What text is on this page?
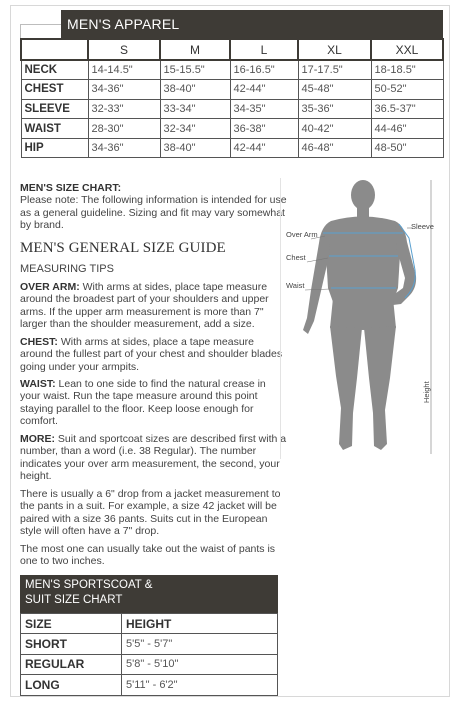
MEN'S APPAREL
	S	M	L	XL	XXL
NECK	14-14.5"	15-15.5"	16-16.5"	17-17.5"	18-18.5"
CHEST	34-36"	38-40"	42-44"	45-48"	50-52"
SLEEVE	32-33"	33-34"	34-35"	35-36"	36.5-37"
WAIST	28-30"	32-34"	36-38"	40-42"	44-46"
HIP	34-36"	38-40"	42-44"	46-48"	48-50"
MEN'S SIZE CHART:
Please note: The following information is intended for use as a general guideline. Sizing and fit may vary somewhat by brand.
MEN'S GENERAL SIZE GUIDE
MEASURING TIPS
OVER ARM: With arms at sides, place tape measure around the broadest part of your shoulders and upper arms. If the upper arm measurement is more than 7" larger than the shoulder measurement, add a size.
CHEST: With arms at sides, place a tape measure around the fullest part of your chest and shoulder blades going under your armpits.
WAIST: Lean to one side to find the natural crease in your waist. Run the tape measure around this point staying parallel to the floor. Keep loose enough for comfort.
MORE: Suit and sportcoat sizes are described first with a number, than a word (i.e. 38 Regular). The number indicates your over arm measurement, the second, your height.
There is usually a 6" drop from a jacket measurement to the pants in a suit. For example, a size 42 jacket will be paired with a size 36 pants. Suits cut in the European style will often have a 7" drop.
The most one can usually take out the waist of pants is one to two inches.
Over Arm
Sleeve
Chest
Waist
Height
MEN'S SPORTSCOAT &
SUIT SIZE CHART
SIZE	HEIGHT
SHORT	5'5" - 5'7"
REGULAR	5'8" - 5'10"
LONG	5'11" - 6'2"
